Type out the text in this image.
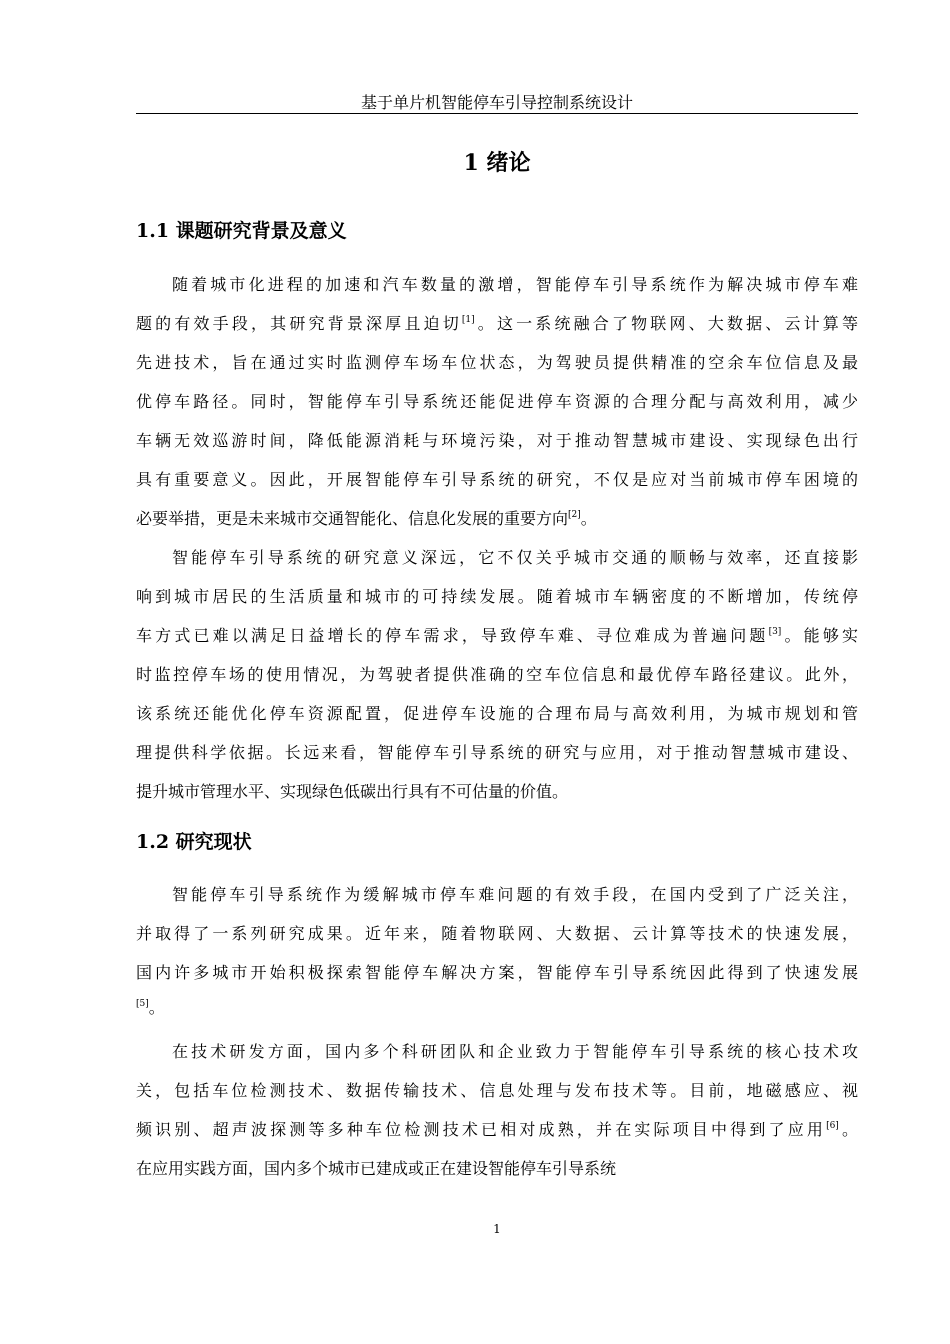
基于单片机智能停车引导控制系统设计
1 绪论
1.1 课题研究背景及意义
随着城市化进程的加速和汽车数量的激增，智能停车引导系统作为解决城市停车难
题的有效手段，其研究背景深厚且迫切[1]。这一系统融合了物联网、大数据、云计算等
先进技术，旨在通过实时监测停车场车位状态，为驾驶员提供精准的空余车位信息及最
优停车路径。同时，智能停车引导系统还能促进停车资源的合理分配与高效利用，减少
车辆无效巡游时间，降低能源消耗与环境污染，对于推动智慧城市建设、实现绿色出行
具有重要意义。因此，开展智能停车引导系统的研究，不仅是应对当前城市停车困境的
必要举措，更是未来城市交通智能化、信息化发展的重要方向[2]。
智能停车引导系统的研究意义深远，它不仅关乎城市交通的顺畅与效率，还直接影
响到城市居民的生活质量和城市的可持续发展。随着城市车辆密度的不断增加，传统停
车方式已难以满足日益增长的停车需求，导致停车难、寻位难成为普遍问题[3]。能够实
时监控停车场的使用情况，为驾驶者提供准确的空车位信息和最优停车路径建议。此外，
该系统还能优化停车资源配置，促进停车设施的合理布局与高效利用，为城市规划和管
理提供科学依据。长远来看，智能停车引导系统的研究与应用，对于推动智慧城市建设、
提升城市管理水平、实现绿色低碳出行具有不可估量的价值。
1.2 研究现状
智能停车引导系统作为缓解城市停车难问题的有效手段，在国内受到了广泛关注，
并取得了一系列研究成果。近年来，随着物联网、大数据、云计算等技术的快速发展，
国内许多城市开始积极探索智能停车解决方案，智能停车引导系统因此得到了快速发展
[5]。
在技术研发方面，国内多个科研团队和企业致力于智能停车引导系统的核心技术攻
关，包括车位检测技术、数据传输技术、信息处理与发布技术等。目前，地磁感应、视
频识别、超声波探测等多种车位检测技术已相对成熟，并在实际项目中得到了应用[6]。
在应用实践方面，国内多个城市已建成或正在建设智能停车引导系统
1
